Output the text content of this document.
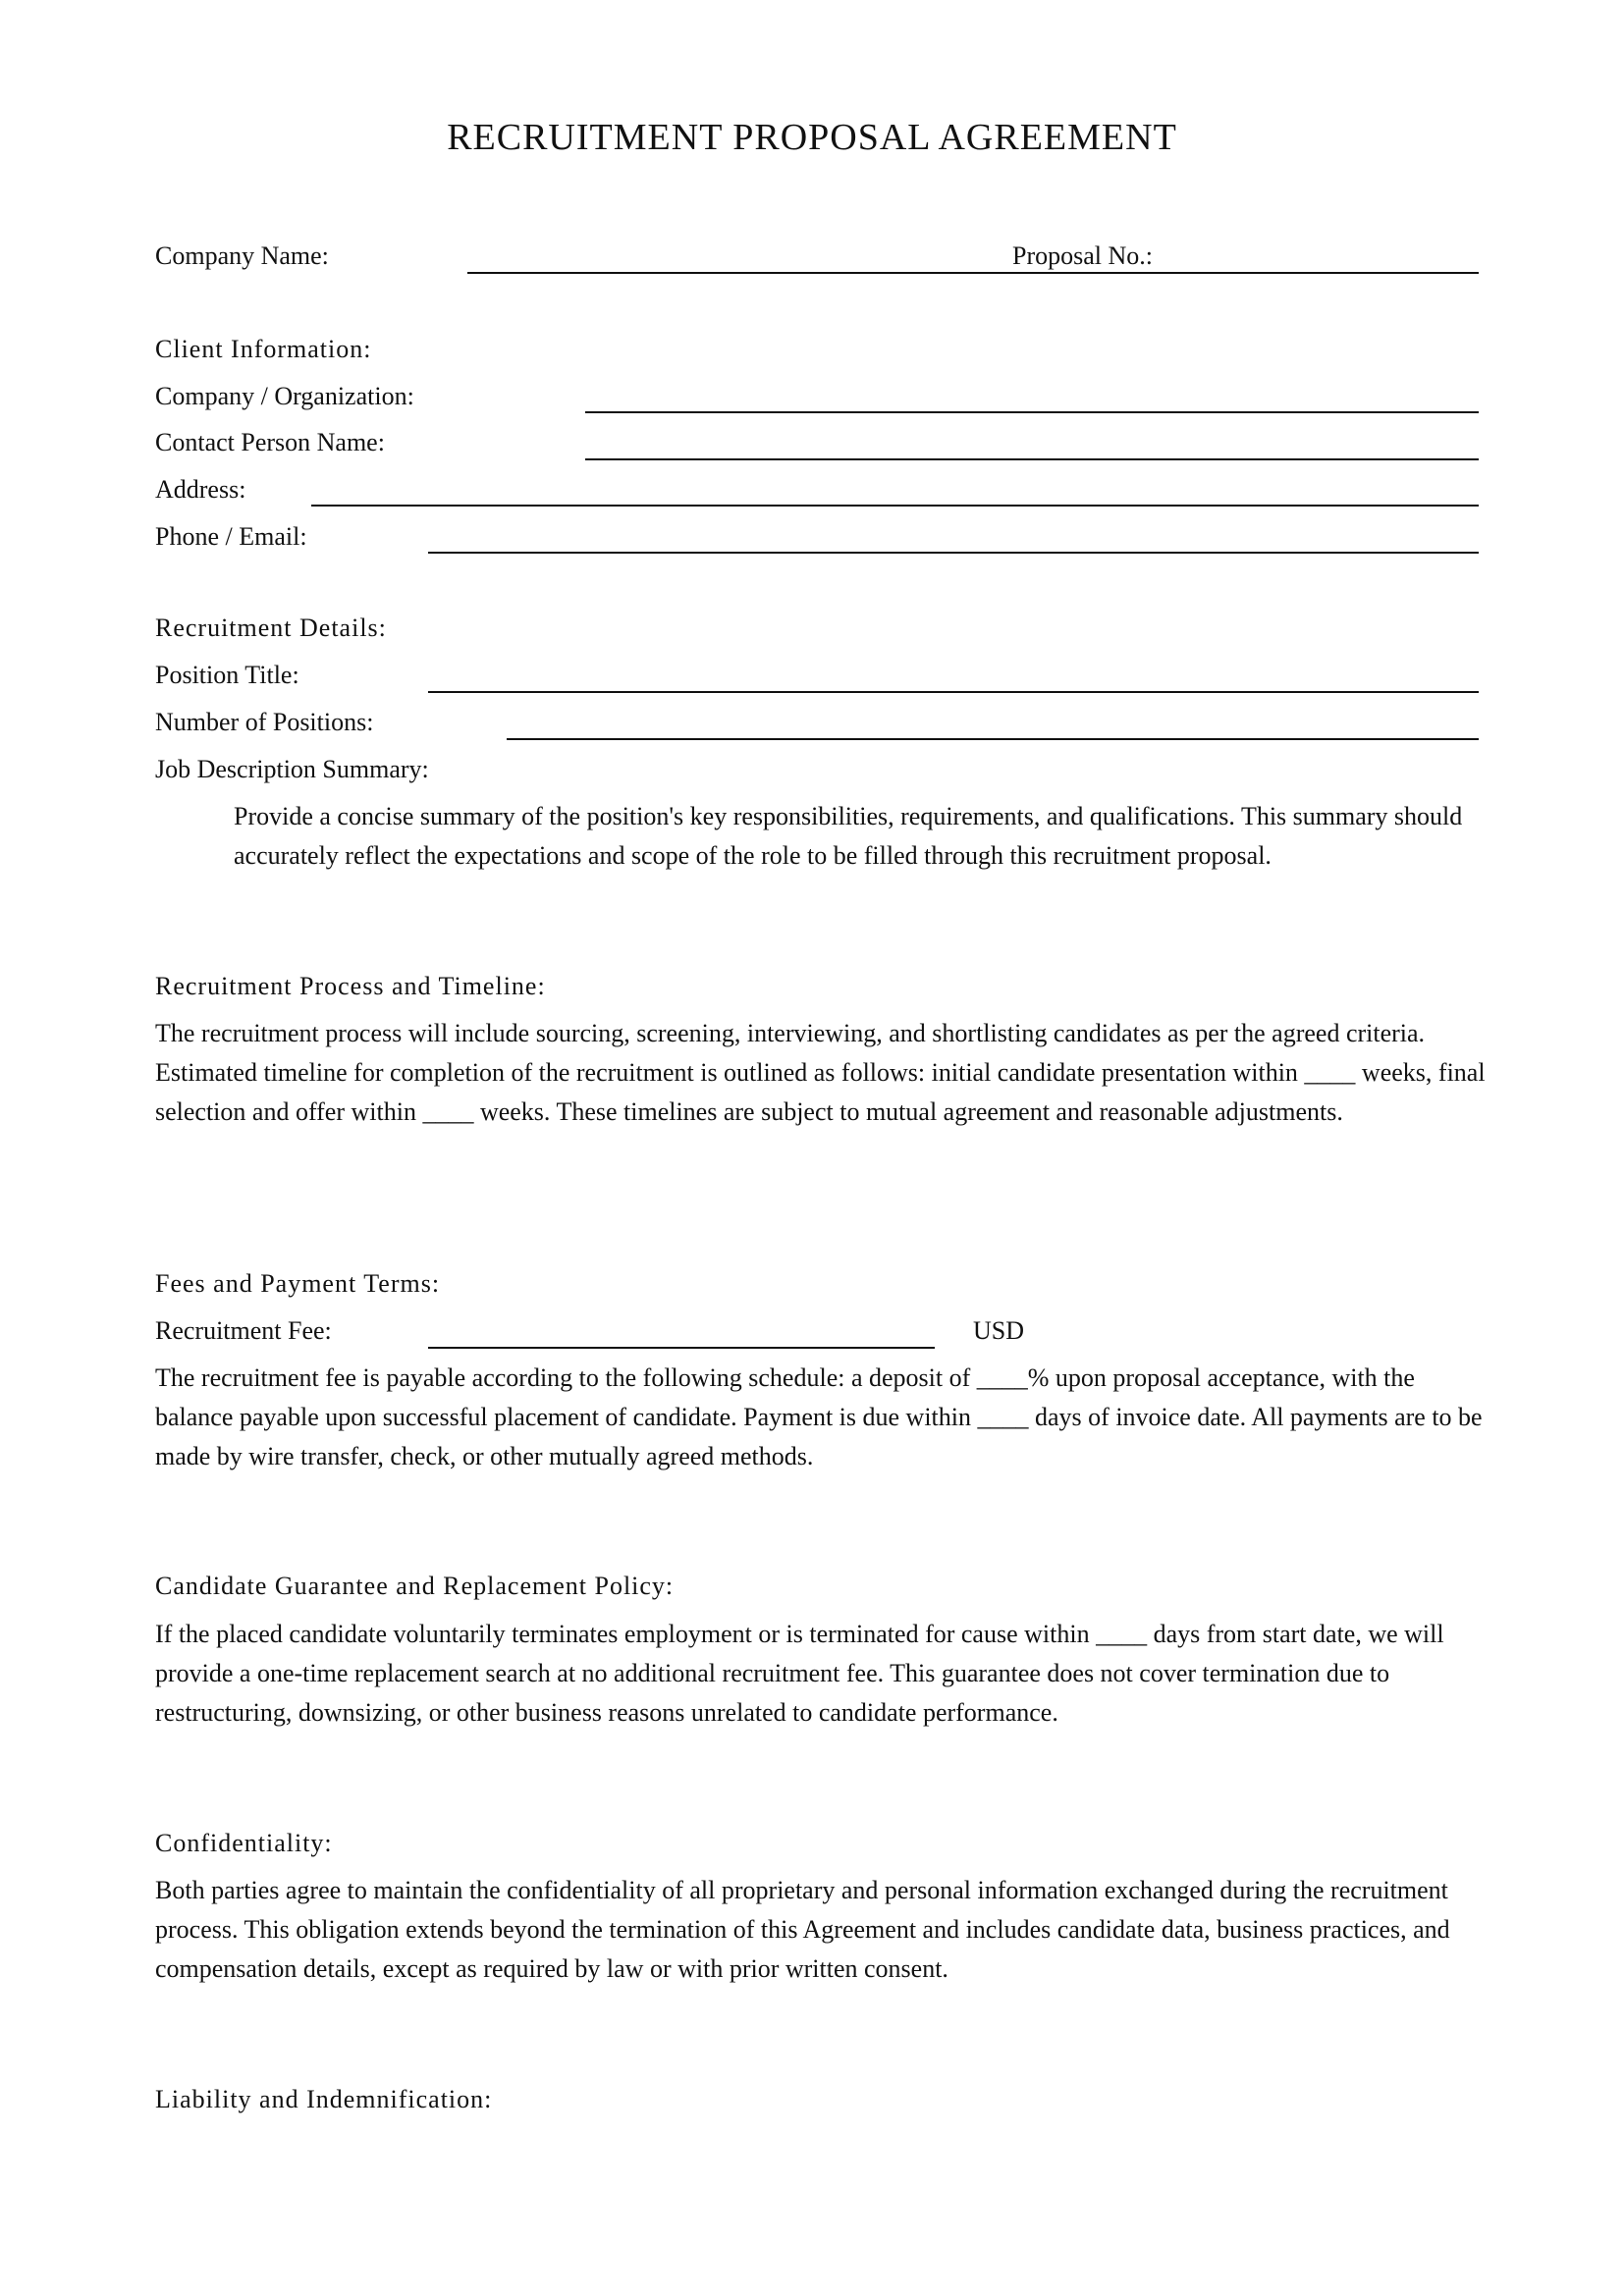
RECRUITMENT PROPOSAL AGREEMENT
Company Name:	Proposal No.:
Client Information:
Company / Organization:
Contact Person Name:
Address:
Phone / Email:
Recruitment Details:
Position Title:
Number of Positions:
Job Description Summary:

Provide a concise summary of the position's key responsibilities, requirements, and qualifications. This summary should accurately reflect the expectations and scope of the role to be filled through this recruitment proposal.

Recruitment Process and Timeline:

The recruitment process will include sourcing, screening, interviewing, and shortlisting candidates as per the agreed criteria. Estimated timeline for completion of the recruitment is outlined as follows: initial candidate presentation within ____ weeks, final selection and offer within ____ weeks. These timelines are subject to mutual agreement and reasonable adjustments.

Fees and Payment Terms:
Recruitment Fee:	USD

The recruitment fee is payable according to the following schedule: a deposit of ____% upon proposal acceptance, with the balance payable upon successful placement of candidate. Payment is due within ____ days of invoice date. All payments are to be made by wire transfer, check, or other mutually agreed methods.

Candidate Guarantee and Replacement Policy:

If the placed candidate voluntarily terminates employment or is terminated for cause within ____ days from start date, we will provide a one-time replacement search at no additional recruitment fee. This guarantee does not cover termination due to restructuring, downsizing, or other business reasons unrelated to candidate performance.

Confidentiality:

Both parties agree to maintain the confidentiality of all proprietary and personal information exchanged during the recruitment process. This obligation extends beyond the termination of this Agreement and includes candidate data, business practices, and compensation details, except as required by law or with prior written consent.

Liability and Indemnification:
